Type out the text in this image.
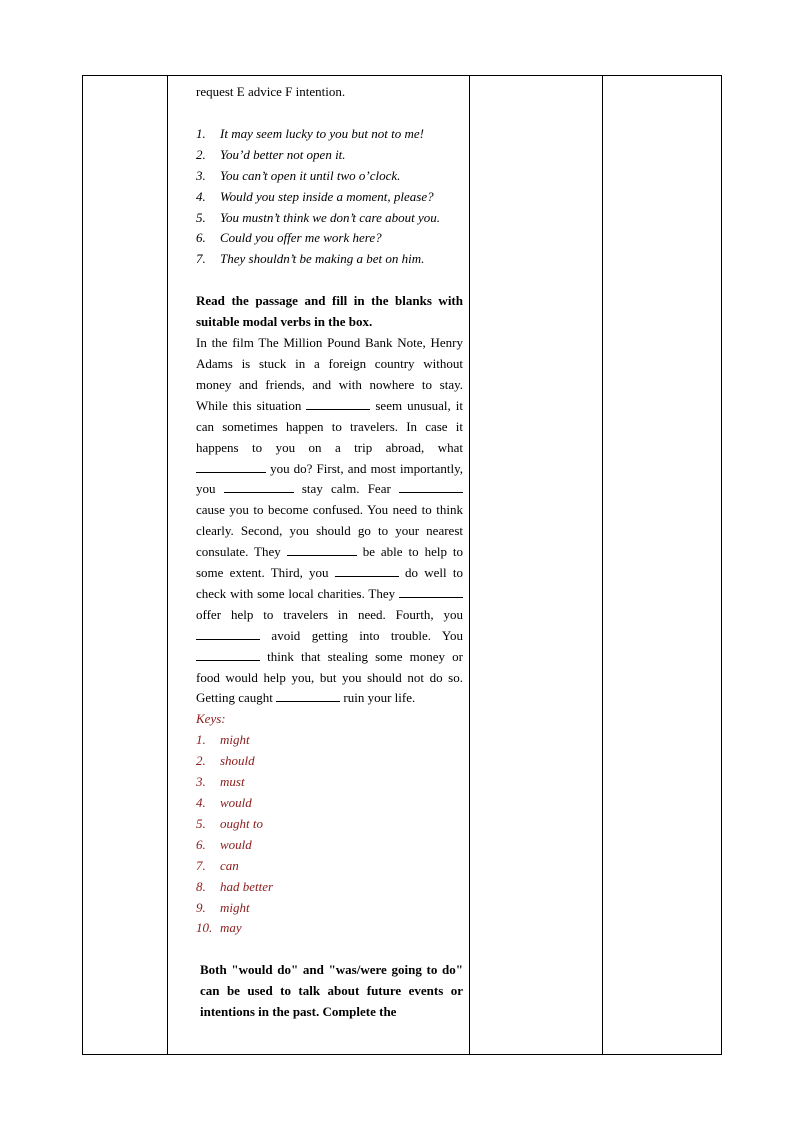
request E advice F intention.

1.	It may seem lucky to you but not to me!
2.	You’d better not open it.
3.	You can’t open it until two o’clock.
4.	Would you step inside a moment, please?
5.	You mustn’t think we don’t care about you.
6.	Could you offer me work here?
7.	They shouldn’t be making a bet on him.

Read the passage and fill in the blanks with suitable modal verbs in the box.

In the film The Million Pound Bank Note, Henry Adams is stuck in a foreign country without money and friends, and with nowhere to stay. While this situation	seem unusual, it can sometimes happen to travelers. In case it happens to you on a trip abroad, what  you do? First, and most importantly, you	stay calm. Fear  cause you to become confused. You need to think clearly. Second, you should go to your nearest consulate. They	be able to help to some extent. Third, you	do well to check with some local charities. They  offer help to travelers in need. Fourth, you  avoid getting into trouble. You  think that stealing some money or food would help you, but you should not do so. Getting caught	ruin your life.

Keys:

1.	might
2.	should
3.	must
4.	would
5.	ought to
6.	would
7.	can
8.	had better
9.	might
10. may

Both "would do" and "was/were going to do" can be used to talk about future events or intentions in the past. Complete the
